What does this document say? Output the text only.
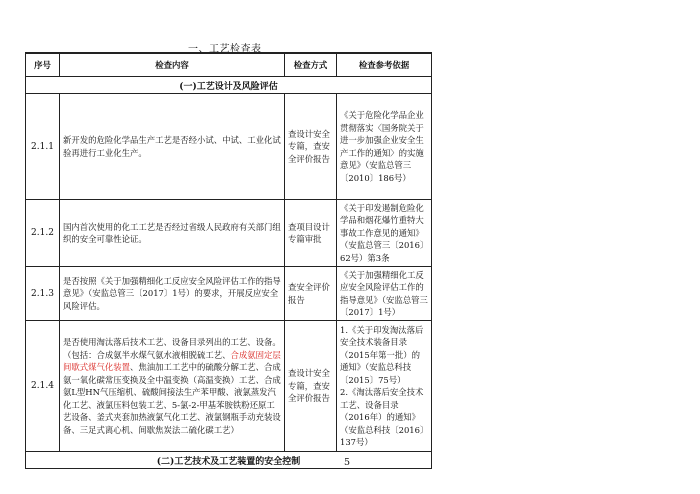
一、工艺检查表
序号	检查内容	检查方式	检查参考依据
(一)工艺设计及风险评估			
2.1.1	新开发的危险化学品生产工艺是否经小试、中试、工业化试验再进行工业化生产。	查设计安全专篇，查安全评价报告	《关于危险化学品企业贯彻落实〈国务院关于进一步加强企业安全生产工作的通知〉的实施意见》（安监总管三〔2010〕186号）
2.1.2	国内首次使用的化工工艺是否经过省级人民政府有关部门组织的安全可靠性论证。	查项目设计专篇审批	《关于印发遏制危险化学品和烟花爆竹重特大事故工作意见的通知》（安监总管三〔2016〕62号）第3条
2.1.3	是否按照《关于加强精细化工反应安全风险评估工作的指导意见》（安监总管三〔2017〕1号）的要求，开展反应安全风险评估。	查安全评价报告	《关于加强精细化工反应安全风险评估工作的指导意见》（安监总管三〔2017〕1号）
2.1.4	是否使用淘汰落后技术工艺、设备目录列出的工艺、设备。（包括：合成氨半水煤气氨水液相脱硫工艺、合成氨固定层间歇式煤气化装置、焦油加工工艺中的硫酸分解工艺、合成氨一氧化碳常压变换及全中温变换（高温变换）工艺、合成氨L型HN气压缩机、硫酸间接法生产苯甲酸、液氯蒸发汽化工艺、液氯压料包装工艺、5-氯-2-甲基苯胺铁粉还原工艺设备、釜式夹套加热液氯气化工艺、液氯钢瓶手动充装设备、三足式离心机、间歇焦炭法二硫化碳工艺）	查设计安全专篇，查安全评价报告	1.《关于印发淘汰落后安全技术装备目录（2015年第一批）的通知》（安监总科技〔2015〕75号）
2.《淘汰落后安全技术工艺、设备目录（2016年）的通知》（安监总科技〔2016〕137号）
(二)工艺技术及工艺装置的安全控制				5
